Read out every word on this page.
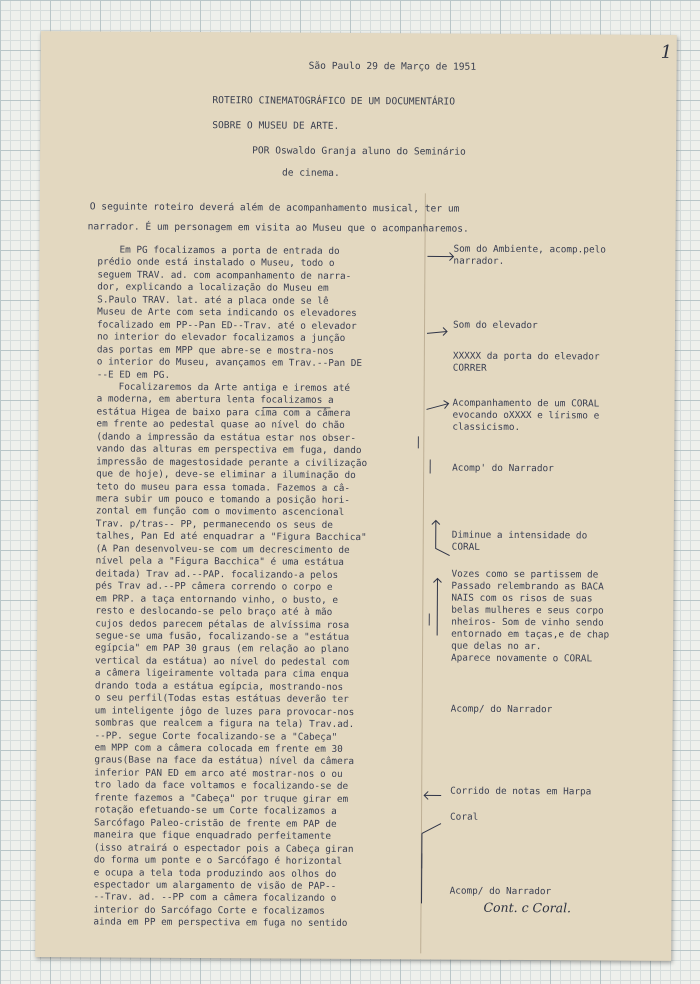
1
São Paulo 29 de Março de 1951
ROTEIRO CINEMATOGRÁFICO DE UM DOCUMENTÁRIO
SOBRE O MUSEU DE ARTE.
POR Oswaldo Granja aluno do Seminário
de cinema.
O seguinte roteiro deverá além de acompanhamento musical, ter um
narrador. É um personagem em visita ao Museu que o acompanharemos.
Em PG focalizamos a porta de entrada do
prédio onde está instalado o Museu, todo o
seguem TRAV. ad. com acompanhamento de narra-
dor, explicando a localização do Museu em
S.Paulo TRAV. lat. até a placa onde se lê
Museu de Arte com seta indicando os elevadores
focalizado em PP--Pan ED--Trav. até o elevador
no interior do elevador focalizamos a junção
das portas em MPP que abre-se e mostra-nos
o interior do Museu, avançamos em Trav.--Pan DE
--E ED em PG.
Focalizaremos da Arte antiga e iremos até
a moderna, em abertura lenta focalizamos a
estátua Higea de baixo para cima com a câmera
em frente ao pedestal quase ao nível do chão
(dando a impressão da estátua estar nos obser-
vando das alturas em perspectiva em fuga, dando
impressão de magestosidade perante a civilização
que de hoje), deve-se eliminar a iluminação do
teto do museu para essa tomada. Fazemos a câ-
mera subir um pouco e tomando a posição hori-
zontal em função com o movimento ascencional
Trav. p/tras-- PP, permanecendo os seus de
talhes, Pan Ed até enquadrar a "Figura Bacchica"
(A Pan desenvolveu-se com um decrescimento de
nível pela a "Figura Bacchica" é uma estátua
deitada) Trav ad.--PAP. focalizando-a pelos
pés Trav ad.--PP câmera correndo o corpo e
em PRP. a taça entornando vinho, o busto, e
resto e deslocando-se pelo braço até à mão
cujos dedos parecem pétalas de alvíssima rosa
segue-se uma fusão, focalizando-se a "estátua
egípcia" em PAP 30 graus (em relação ao plano
vertical da estátua) ao nível do pedestal com
a câmera ligeiramente voltada para cima enqua
drando toda a estátua egípcia, mostrando-nos
o seu perfil(Todas estas estátuas deverão ter
um inteligente jôgo de luzes para provocar-nos
sombras que realcem a figura na tela) Trav.ad.
--PP. segue Corte focalizando-se a "Cabeça"
em MPP com a câmera colocada em frente em 30
graus(Base na face da estátua) nível da câmera
inferior PAN ED em arco até mostrar-nos o ou
tro lado da face voltamos e focalizando-se de
frente fazemos a "Cabeça" por truque girar em
rotação efetuando-se um Corte focalizamos a
Sarcófago Paleo-cristão de frente em PAP de
maneira que fique enquadrado perfeitamente
(isso atrairá o espectador pois a Cabeça giran
do forma um ponte e o Sarcófago é horizontal
e ocupa a tela toda produzindo aos olhos do
espectador um alargamento de visão de PAP--
--Trav. ad. --PP com a câmera focalizando o
interior do Sarcófago Corte e focalizamos
ainda em PP em perspectiva em fuga no sentido
Som do Ambiente, acomp.pelo
narrador.
Som do elevador
XXXXX da porta do elevador
CORRER
Acompanhamento de um CORAL
evocando oXXXX e lírismo e
classicismo.
Acomp' do Narrador
Diminue a intensidade do
CORAL
Vozes como se partissem de
Passado relembrando as BACA
NAIS com os risos de suas
belas mulheres e seus corpo
nheiros- Som de vinho sendo
entornado em taças,e de chap
que delas no ar.
Aparece novamente o CORAL
Acomp/ do Narrador
Corrido de notas em Harpa
Coral
Acomp/ do Narrador
Cont. c Coral.
